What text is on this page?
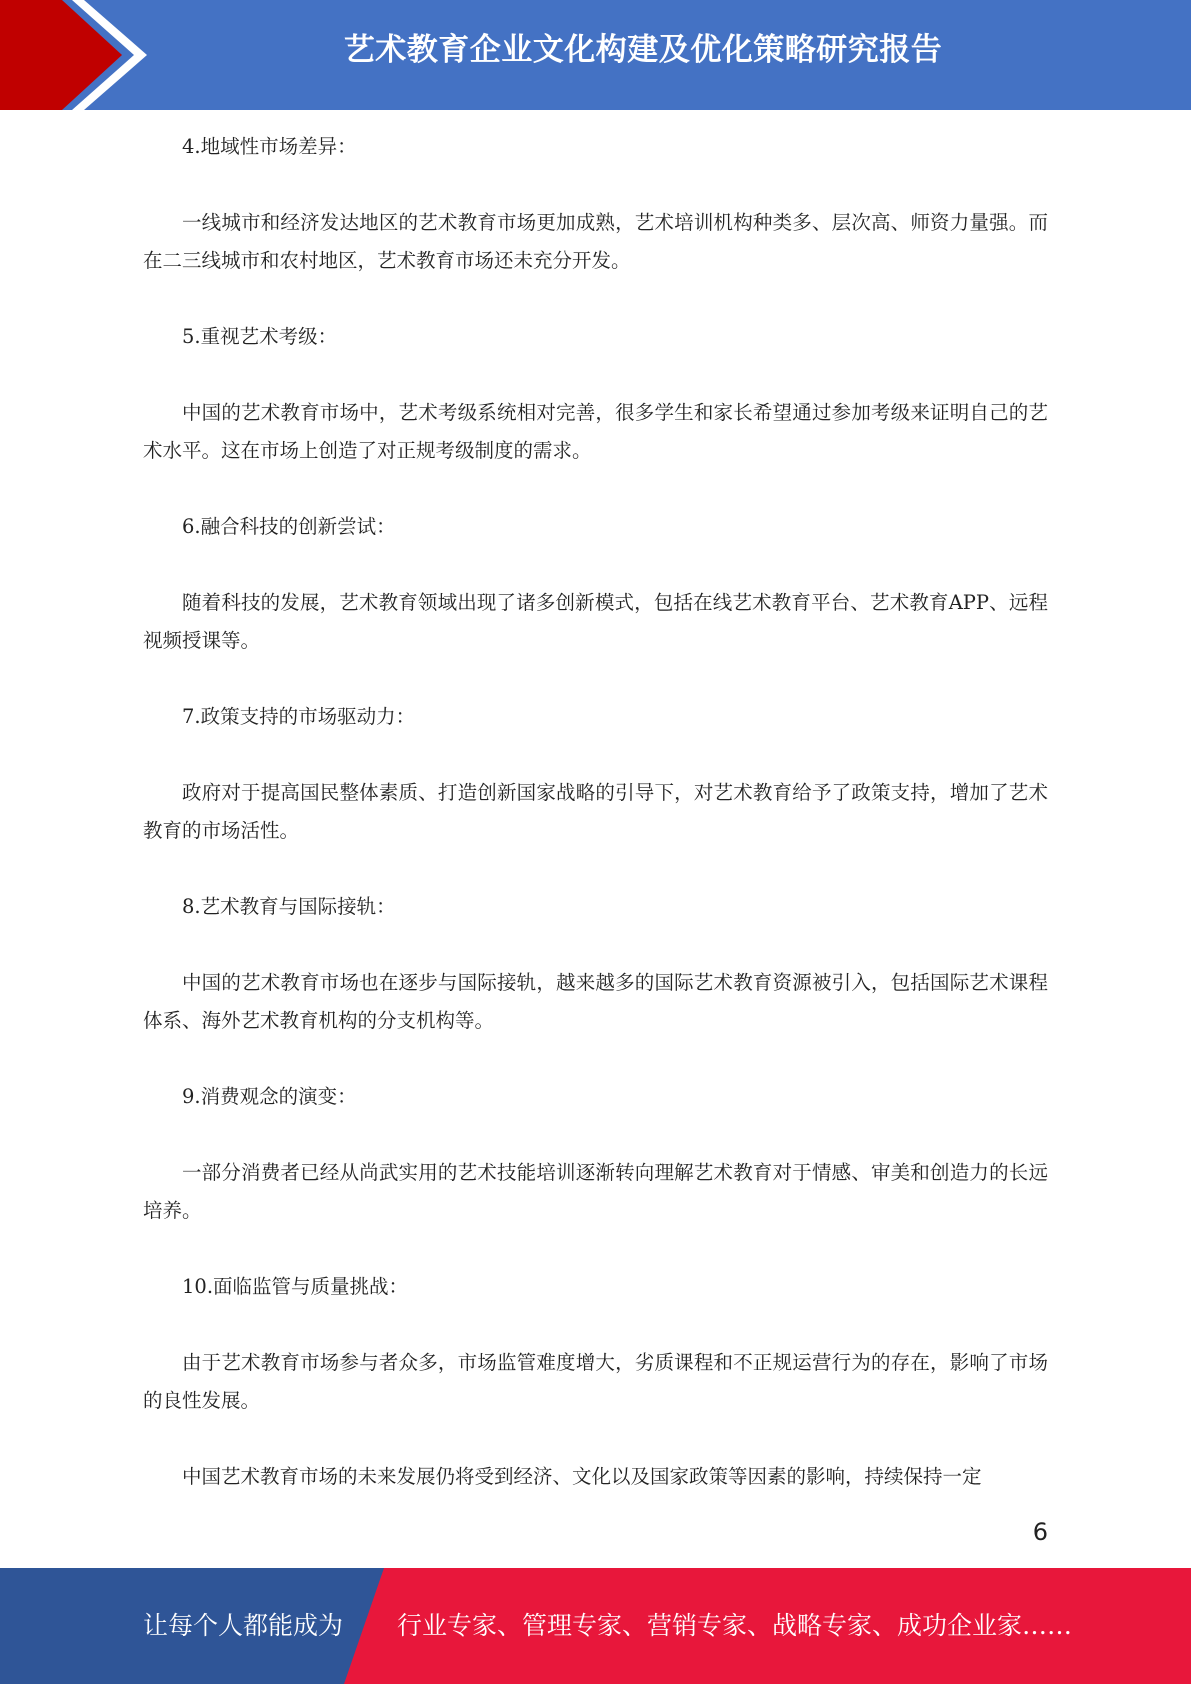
艺术教育企业文化构建及优化策略研究报告

4.地域性市场差异：

一线城市和经济发达地区的艺术教育市场更加成熟，艺术培训机构种类多、层次高、师资力量强。而在二三线城市和农村地区，艺术教育市场还未充分开发。

5.重视艺术考级：

中国的艺术教育市场中，艺术考级系统相对完善，很多学生和家长希望通过参加考级来证明自己的艺术水平。这在市场上创造了对正规考级制度的需求。

6.融合科技的创新尝试：

随着科技的发展，艺术教育领域出现了诸多创新模式，包括在线艺术教育平台、艺术教育APP、远程视频授课等。

7.政策支持的市场驱动力：

政府对于提高国民整体素质、打造创新国家战略的引导下，对艺术教育给予了政策支持，增加了艺术教育的市场活性。

8.艺术教育与国际接轨：

中国的艺术教育市场也在逐步与国际接轨，越来越多的国际艺术教育资源被引入，包括国际艺术课程体系、海外艺术教育机构的分支机构等。

9.消费观念的演变：

一部分消费者已经从尚武实用的艺术技能培训逐渐转向理解艺术教育对于情感、审美和创造力的长远培养。

10.面临监管与质量挑战：

由于艺术教育市场参与者众多，市场监管难度增大，劣质课程和不正规运营行为的存在，影响了市场的良性发展。

中国艺术教育市场的未来发展仍将受到经济、文化以及国家政策等因素的影响，持续保持一定

6
让每个人都能成为 行业专家、管理专家、营销专家、战略专家、成功企业家……
